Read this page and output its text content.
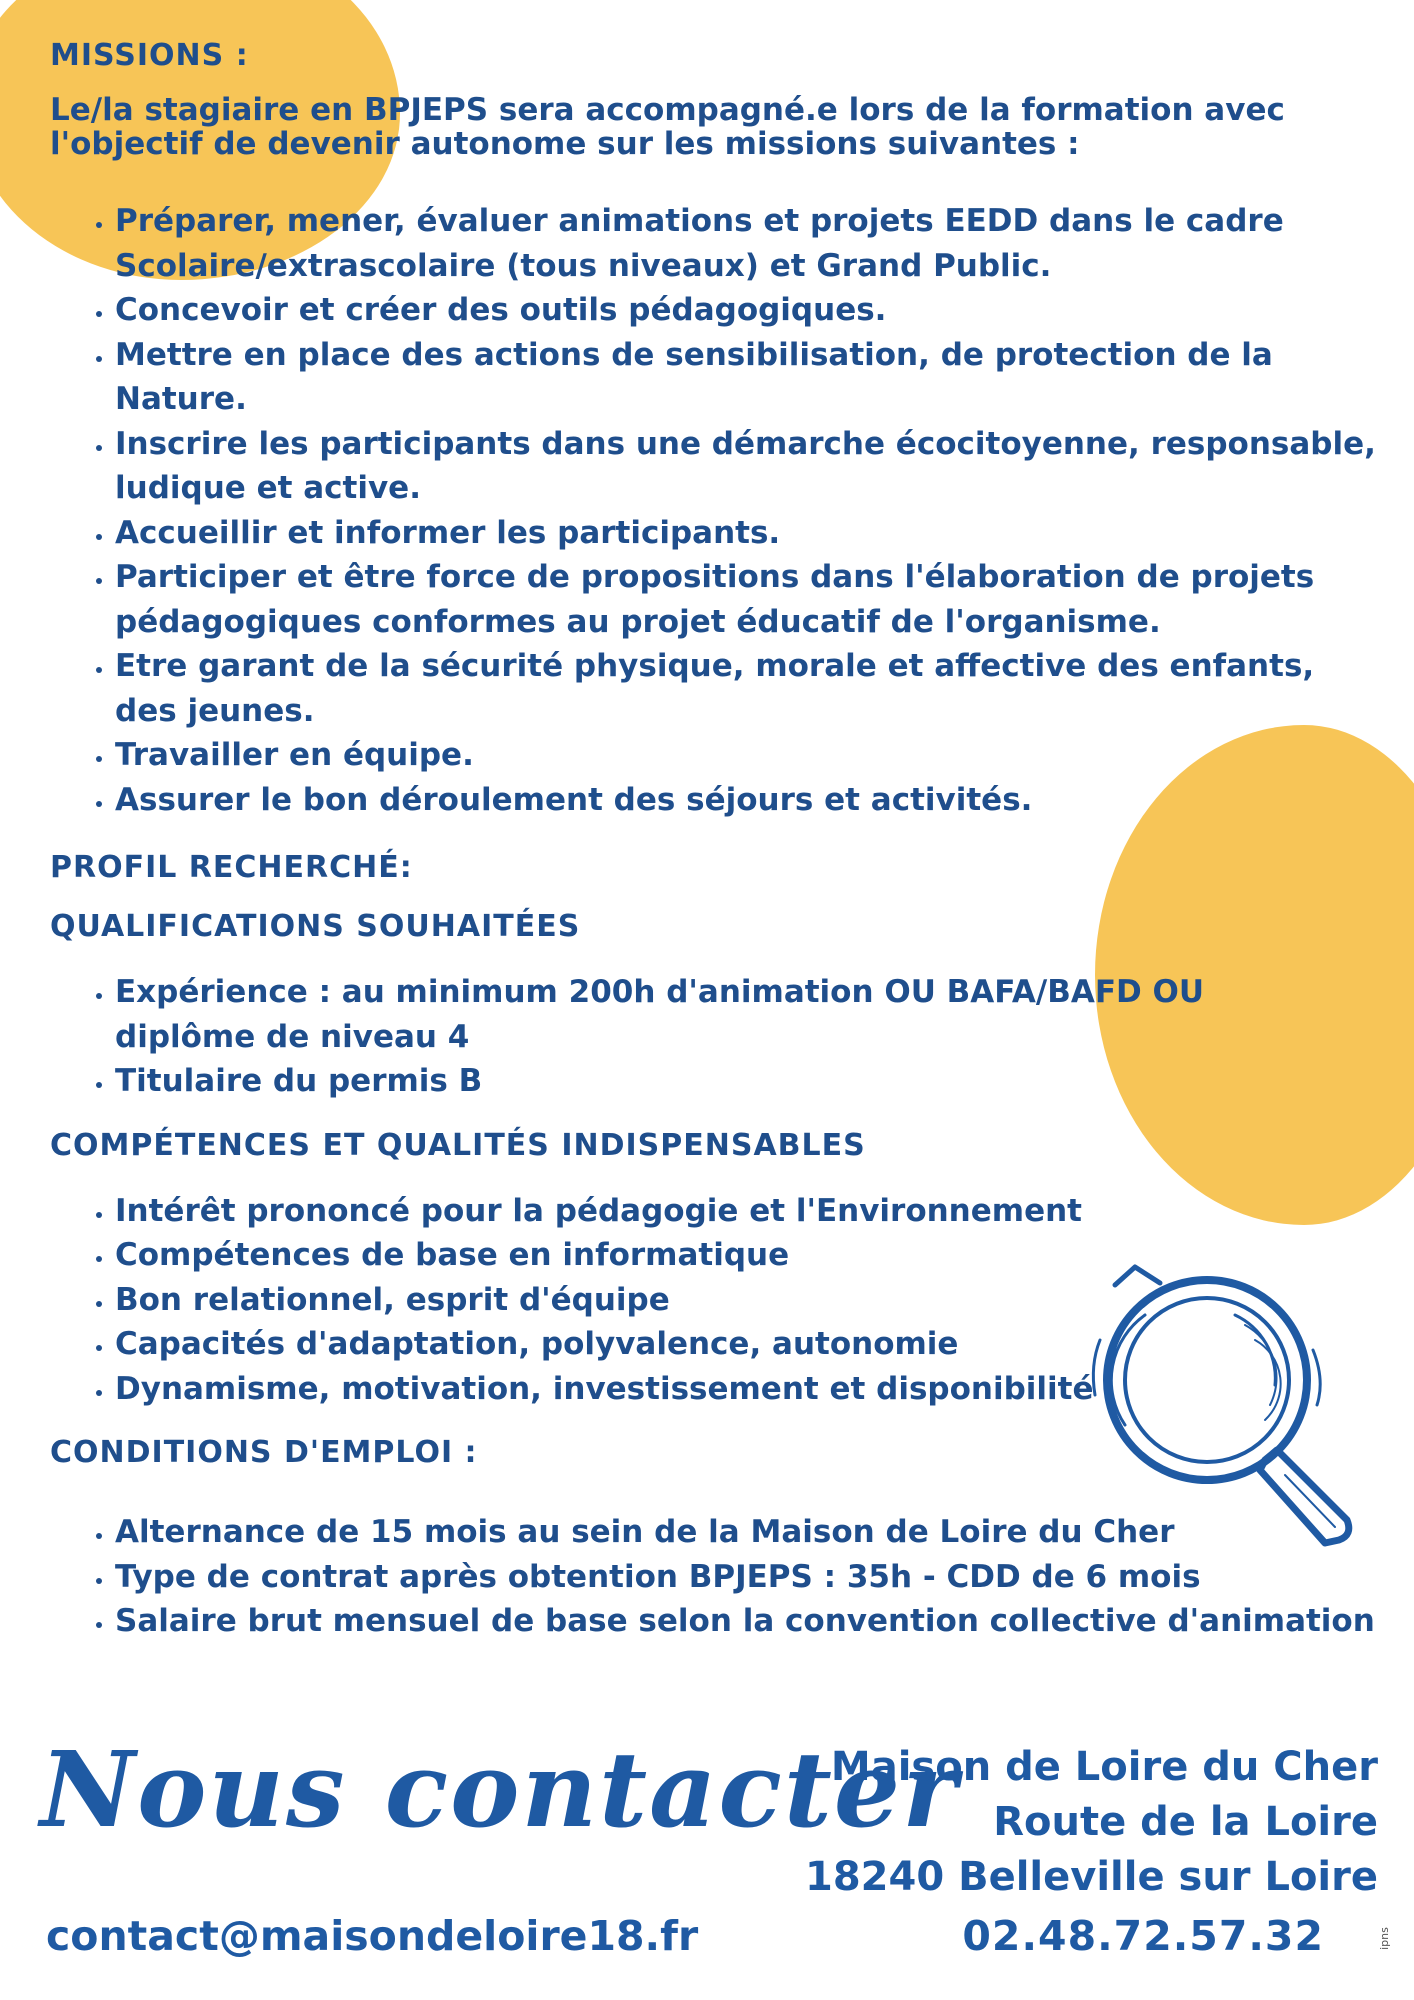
MISSIONS :

Le/la stagiaire en BPJEPS sera accompagné.e lors de la formation avec
l'objectif de devenir autonome sur les missions suivantes :

• Préparer, mener, évaluer animations et projets EEDD dans le cadre Scolaire/extrascolaire (tous niveaux) et Grand Public.
• Concevoir et créer des outils pédagogiques.
• Mettre en place des actions de sensibilisation, de protection de la Nature.
• Inscrire les participants dans une démarche écocitoyenne, responsable, ludique et active.
• Accueillir et informer les participants.
• Participer et être force de propositions dans l'élaboration de projets pédagogiques conformes au projet éducatif de l'organisme.
• Etre garant de la sécurité physique, morale et affective des enfants, des jeunes.
• Travailler en équipe.
• Assurer le bon déroulement des séjours et activités.
PROFIL RECHERCHÉ:
QUALIFICATIONS SOUHAITÉES
• Expérience : au minimum 200h d'animation OU BAFA/BAFD OU diplôme de niveau 4
• Titulaire du permis B
COMPÉTENCES ET QUALITÉS INDISPENSABLES
• Intérêt prononcé pour la pédagogie et l'Environnement
• Compétences de base en informatique
• Bon relationnel, esprit d'équipe
• Capacités d'adaptation, polyvalence, autonomie
• Dynamisme, motivation, investissement et disponibilité
CONDITIONS D'EMPLOI :
• Alternance de 15 mois au sein de la Maison de Loire du Cher
• Type de contrat après obtention BPJEPS : 35h - CDD de 6 mois
• Salaire brut mensuel de base selon la convention collective d'animation
Nous contacter
Maison de Loire du Cher
Route de la Loire
18240 Belleville sur Loire
contact@maisondeloire18.fr	02.48.72.57.32	ipns
